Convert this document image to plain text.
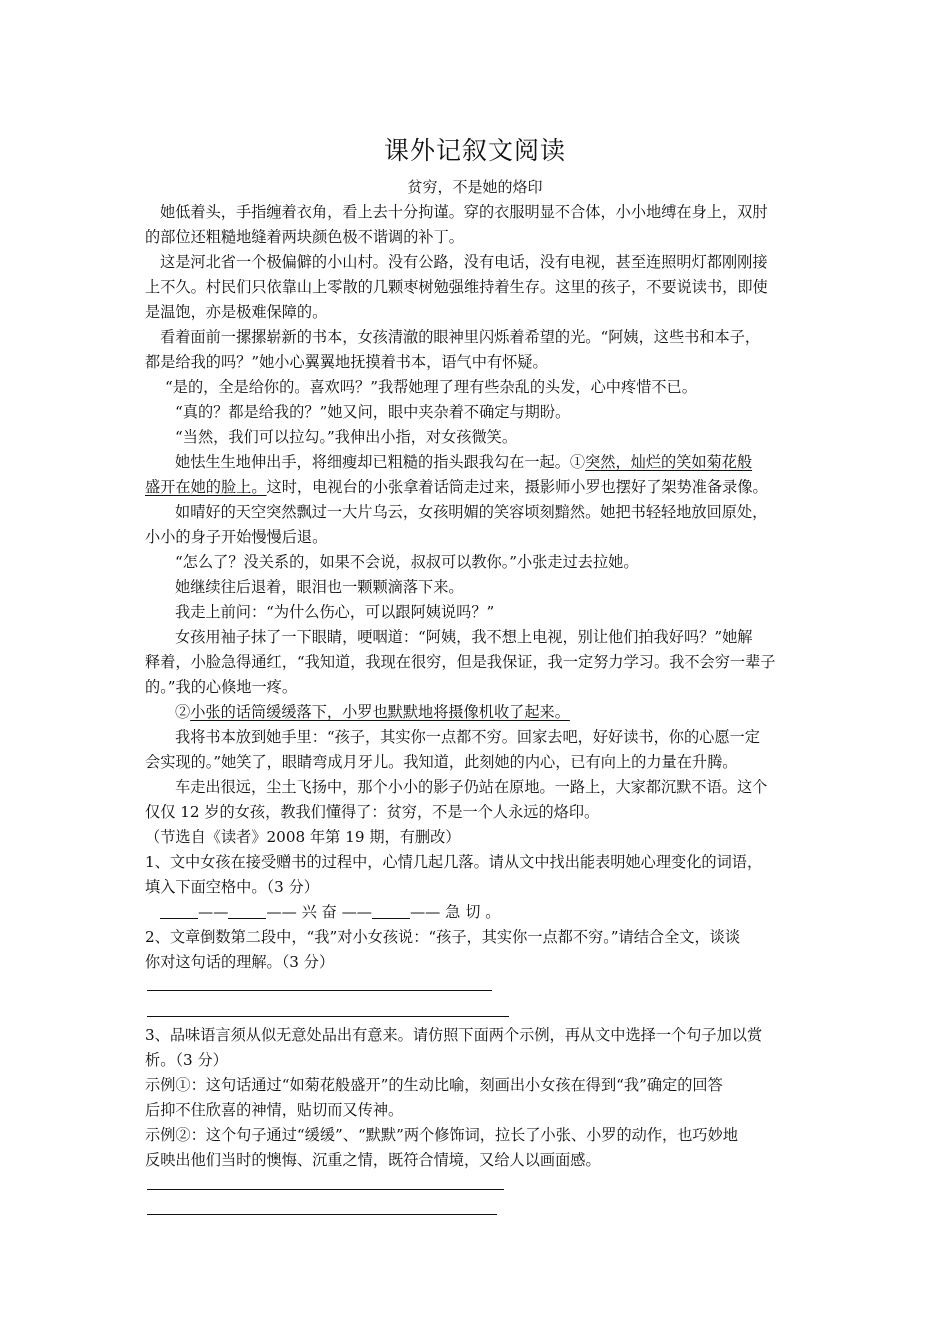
课外记叙文阅读
贫穷，不是她的烙印
她低着头，手指缠着衣角，看上去十分拘谨。穿的衣服明显不合体，小小地缚在身上，双肘
的部位还粗糙地缝着两块颜色极不谐调的补丁。
这是河北省一个极偏僻的小山村。没有公路，没有电话，没有电视，甚至连照明灯都刚刚接
上不久。村民们只依靠山上零散的几颗枣树勉强维持着生存。这里的孩子，不要说读书，即使
是温饱，亦是极难保障的。
看着面前一摞摞崭新的书本，女孩清澈的眼神里闪烁着希望的光。“阿姨，这些书和本子，
都是给我的吗？”她小心翼翼地抚摸着书本，语气中有怀疑。
“是的，全是给你的。喜欢吗？”我帮她理了理有些杂乱的头发，心中疼惜不已。
“真的？都是给我的？”她又问，眼中夹杂着不确定与期盼。
“当然，我们可以拉勾。”我伸出小指，对女孩微笑。
她怯生生地伸出手，将细瘦却已粗糙的指头跟我勾在一起。①突然，灿烂的笑如菊花般
盛开在她的脸上。这时，电视台的小张拿着话筒走过来，摄影师小罗也摆好了架势准备录像。
如晴好的天空突然飘过一大片乌云，女孩明媚的笑容顷刻黯然。她把书轻轻地放回原处，
小小的身子开始慢慢后退。
“怎么了？没关系的，如果不会说，叔叔可以教你。”小张走过去拉她。
她继续往后退着，眼泪也一颗颗滴落下来。
我走上前问：“为什么伤心，可以跟阿姨说吗？”
女孩用袖子抹了一下眼睛，哽咽道：“阿姨，我不想上电视，别让他们拍我好吗？”她解
释着，小脸急得通红，“我知道，我现在很穷，但是我保证，我一定努力学习。我不会穷一辈子
的。”我的心倏地一疼。
②小张的话筒缓缓落下，小罗也默默地将摄像机收了起来。
我将书本放到她手里：“孩子，其实你一点都不穷。回家去吧，好好读书，你的心愿一定
会实现的。”她笑了，眼睛弯成月牙儿。我知道，此刻她的内心，已有向上的力量在升腾。
车走出很远，尘土飞扬中，那个小小的影子仍站在原地。一路上，大家都沉默不语。这个
仅仅 12 岁的女孩，教我们懂得了：贫穷，不是一个人永远的烙印。
（节选自《读者》2008 年第 19 期，有删改）
1、文中女孩在接受赠书的过程中，心情几起几落。请从文中找出能表明她心理变化的词语，
填入下面空格中。（3 分）
——	—— 兴 奋 ——	—— 急 切 。
2、文章倒数第二段中，“我”对小女孩说：“孩子，其实你一点都不穷。”请结合全文，谈谈
你对这句话的理解。（3 分）
3、品味语言须从似无意处品出有意来。请仿照下面两个示例，再从文中选择一个句子加以赏
析。（3 分）
示例①：这句话通过“如菊花般盛开”的生动比喻，刻画出小女孩在得到“我”确定的回答
后抑不住欣喜的神情，贴切而又传神。
示例②：这个句子通过“缓缓”、“默默”两个修饰词，拉长了小张、小罗的动作，也巧妙地
反映出他们当时的懊悔、沉重之情，既符合情境，又给人以画面感。
